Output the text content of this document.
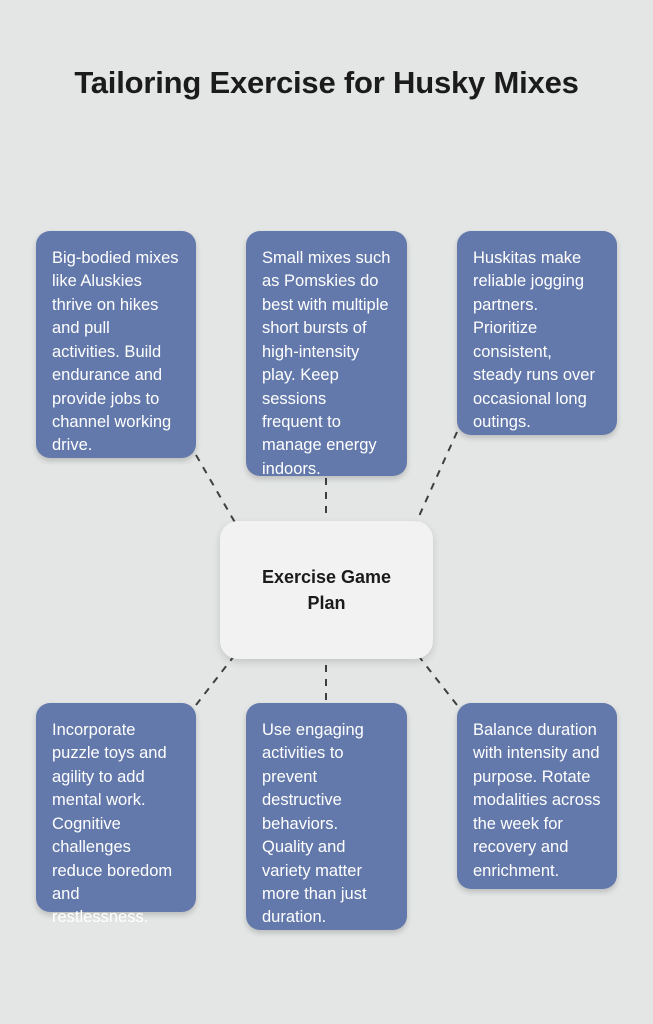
Tailoring Exercise for Husky Mixes
Big-bodied mixes like Aluskies thrive on hikes and pull activities. Build endurance and provide jobs to channel working drive.
Small mixes such as Pomskies do best with multiple short bursts of high-intensity play. Keep sessions frequent to manage energy indoors.
Huskitas make reliable jogging partners. Prioritize consistent, steady runs over occasional long outings.
Exercise Game Plan
Incorporate puzzle toys and agility to add mental work. Cognitive challenges reduce boredom and restlessness.
Use engaging activities to prevent destructive behaviors. Quality and variety matter more than just duration.
Balance duration with intensity and purpose. Rotate modalities across the week for recovery and enrichment.
